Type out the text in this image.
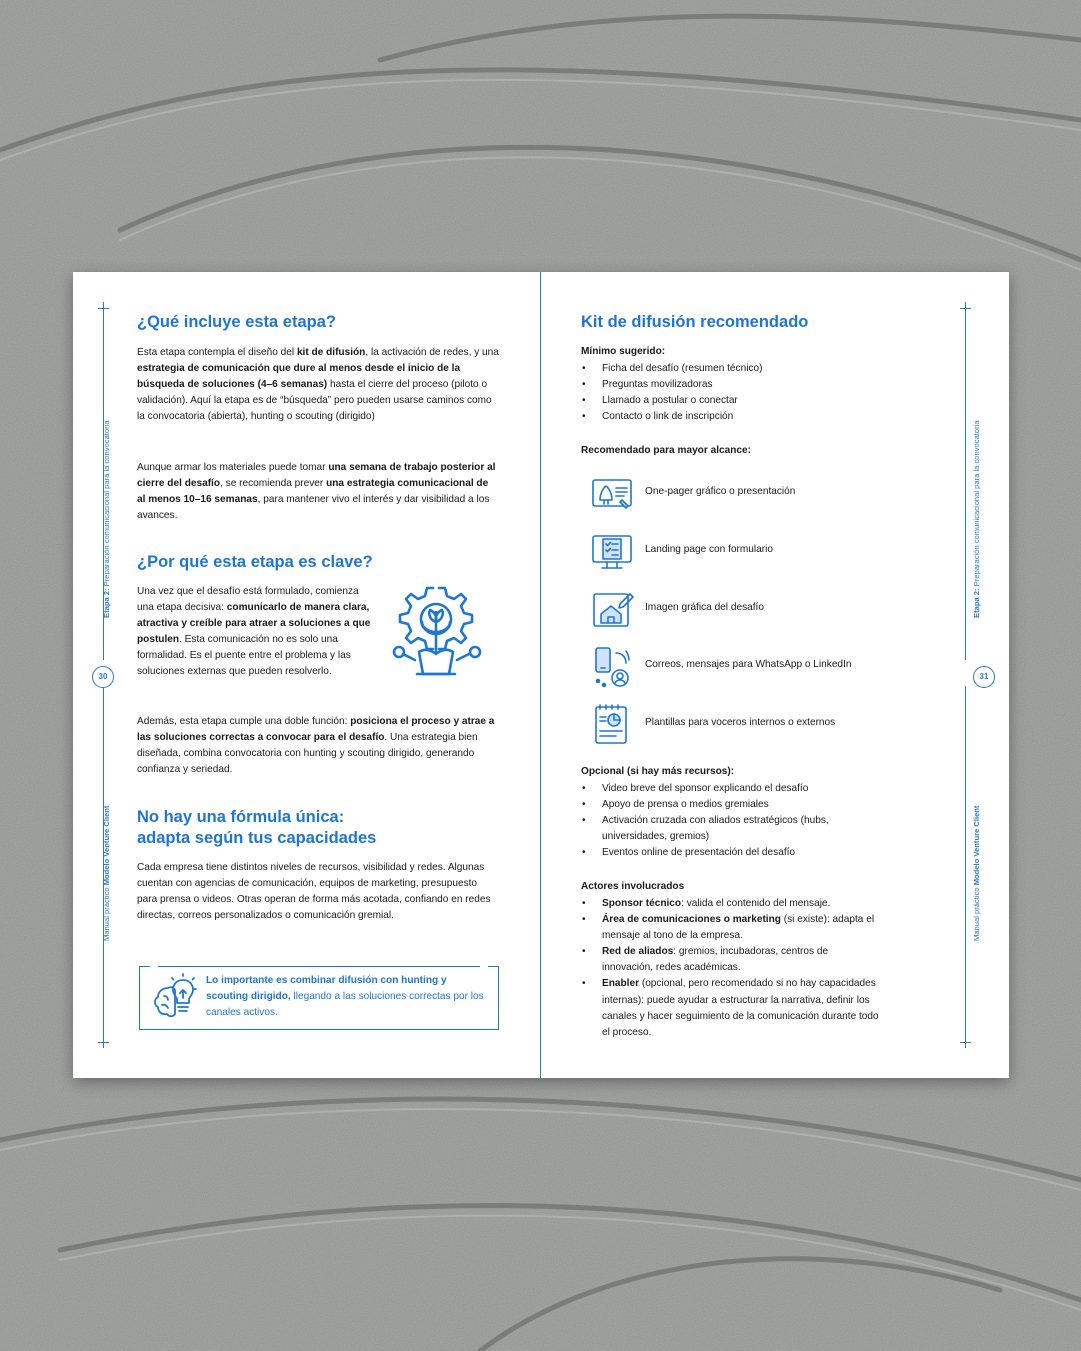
30
Etapa 2: Preparación comunicacional para la convocatoria
Manual práctico Modelo Venture Client
¿Qué incluye esta etapa?

Esta etapa contempla el diseño del kit de difusión, la activación de redes, y una estrategia de comunicación que dure al menos desde el inicio de la búsqueda de soluciones (4–6 semanas) hasta el cierre del proceso (piloto o validación). Aquí la etapa es de “búsqueda” pero pueden usarse caminos como la convocatoria (abierta), hunting o scouting (dirigido)

Aunque armar los materiales puede tomar una semana de trabajo posterior al cierre del desafío, se recomienda prever una estrategia comunicacional de al menos 10–16 semanas, para mantener vivo el interés y dar visibilidad a los avances.

¿Por qué esta etapa es clave?

Una vez que el desafío está formulado, comienza una etapa decisiva: comunicarlo de manera clara, atractiva y creíble para atraer a soluciones a que postulen. Esta comunicación no es solo una formalidad. Es el puente entre el problema y las soluciones externas que pueden resolverlo.

Además, esta etapa cumple una doble función: posiciona el proceso y atrae a las soluciones correctas a convocar para el desafío. Una estrategia bien diseñada, combina convocatoria con hunting y scouting dirigido, generando confianza y seriedad.

No hay una fórmula única:
adapta según tus capacidades

Cada empresa tiene distintos niveles de recursos, visibilidad y redes. Algunas cuentan con agencias de comunicación, equipos de marketing, presupuesto para prensa o videos. Otras operan de forma más acotada, confiando en redes directas, correos personalizados o comunicación gremial.

Lo importante es combinar difusión con hunting y scouting dirigido, llegando a las soluciones correctas por los canales activos.
31
Etapa 2: Preparación comunicacional para la convocatoria
Manual práctico Modelo Venture Client
Kit de difusión recomendado
Mínimo sugerido:
• Ficha del desafío (resumen técnico)
• Preguntas movilizadoras
• Llamado a postular o conectar
• Contacto o link de inscripción
Recomendado para mayor alcance:
One-pager gráfico o presentación
Landing page con formulario
Imagen gráfica del desafío
Correos, mensajes para WhatsApp o LinkedIn
Plantillas para voceros internos o externos
Opcional (si hay más recursos):
• Video breve del sponsor explicando el desafío
• Apoyo de prensa o medios gremiales
• Activación cruzada con aliados estratégicos (hubs, universidades, gremios)
• Eventos online de presentación del desafío
Actores involucrados
• Sponsor técnico: valida el contenido del mensaje.
• Área de comunicaciones o marketing (si existe): adapta el mensaje al tono de la empresa.
• Red de aliados: gremios, incubadoras, centros de innovación, redes académicas.
• Enabler (opcional, pero recomendado si no hay capacidades internas): puede ayudar a estructurar la narrativa, definir los canales y hacer seguimiento de la comunicación durante todo el proceso.
